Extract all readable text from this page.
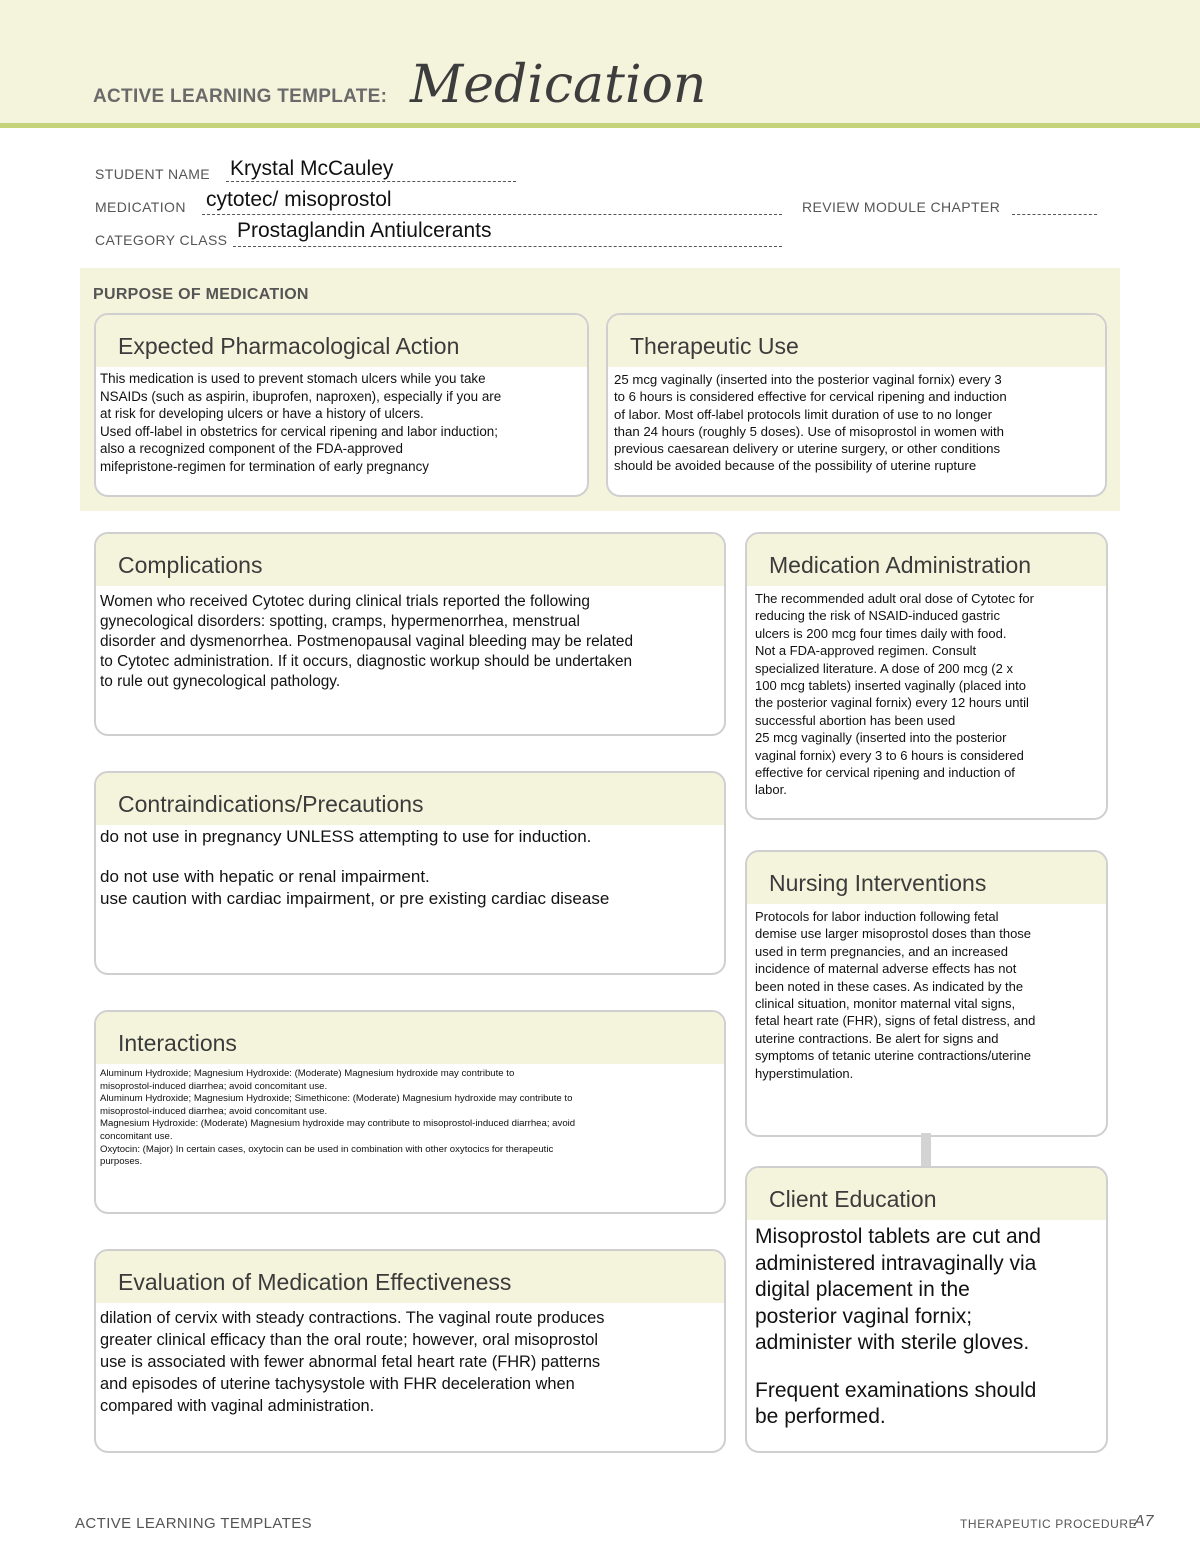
ACTIVE LEARNING TEMPLATE: Medication
STUDENT NAME Krystal McCauley
MEDICATION cytotec/ misoprostol	REVIEW MODULE CHAPTER
CATEGORY CLASS Prostaglandin Antiulcerants
PURPOSE OF MEDICATION
Expected Pharmacological Action
This medication is used to prevent stomach ulcers while you take
NSAIDs (such as aspirin, ibuprofen, naproxen), especially if you are
at risk for developing ulcers or have a history of ulcers.
Used off-label in obstetrics for cervical ripening and labor induction;
also a recognized component of the FDA-approved
mifepristone-regimen for termination of early pregnancy
Therapeutic Use
25 mcg vaginally (inserted into the posterior vaginal fornix) every 3
to 6 hours is considered effective for cervical ripening and induction
of labor. Most off-label protocols limit duration of use to no longer
than 24 hours (roughly 5 doses). Use of misoprostol in women with
previous caesarean delivery or uterine surgery, or other conditions
should be avoided because of the possibility of uterine rupture
Complications
Women who received Cytotec during clinical trials reported the following
gynecological disorders: spotting, cramps, hypermenorrhea, menstrual
disorder and dysmenorrhea. Postmenopausal vaginal bleeding may be related
to Cytotec administration. If it occurs, diagnostic workup should be undertaken
to rule out gynecological pathology.
Medication Administration
The recommended adult oral dose of Cytotec for
reducing the risk of NSAID-induced gastric
ulcers is 200 mcg four times daily with food.
Not a FDA-approved regimen. Consult
specialized literature. A dose of 200 mcg (2 x
100 mcg tablets) inserted vaginally (placed into
the posterior vaginal fornix) every 12 hours until
successful abortion has been used
25 mcg vaginally (inserted into the posterior
vaginal fornix) every 3 to 6 hours is considered
effective for cervical ripening and induction of
labor.
Contraindications/Precautions
do not use in pregnancy UNLESS attempting to use for induction.
do not use with hepatic or renal impairment.
use caution with cardiac impairment, or pre existing cardiac disease
Nursing Interventions
Protocols for labor induction following fetal
demise use larger misoprostol doses than those
used in term pregnancies, and an increased
incidence of maternal adverse effects has not
been noted in these cases. As indicated by the
clinical situation, monitor maternal vital signs,
fetal heart rate (FHR), signs of fetal distress, and
uterine contractions. Be alert for signs and
symptoms of tetanic uterine contractions/uterine
hyperstimulation.
Interactions
Aluminum Hydroxide; Magnesium Hydroxide: (Moderate) Magnesium hydroxide may contribute to
misoprostol-induced diarrhea; avoid concomitant use.
Aluminum Hydroxide; Magnesium Hydroxide; Simethicone: (Moderate) Magnesium hydroxide may contribute to
misoprostol-induced diarrhea; avoid concomitant use.
Magnesium Hydroxide: (Moderate) Magnesium hydroxide may contribute to misoprostol-induced diarrhea; avoid
concomitant use.
Oxytocin: (Major) In certain cases, oxytocin can be used in combination with other oxytocics for therapeutic
purposes.
Client Education
Misoprostol tablets are cut and
administered intravaginally via
digital placement in the
posterior vaginal fornix;
administer with sterile gloves.
Frequent examinations should
be performed.
Evaluation of Medication Effectiveness
dilation of cervix with steady contractions. The vaginal route produces
greater clinical efficacy than the oral route; however, oral misoprostol
use is associated with fewer abnormal fetal heart rate (FHR) patterns
and episodes of uterine tachysystole with FHR deceleration when
compared with vaginal administration.
ACTIVE LEARNING TEMPLATES	THERAPEUTIC PROCEDURE
A7
